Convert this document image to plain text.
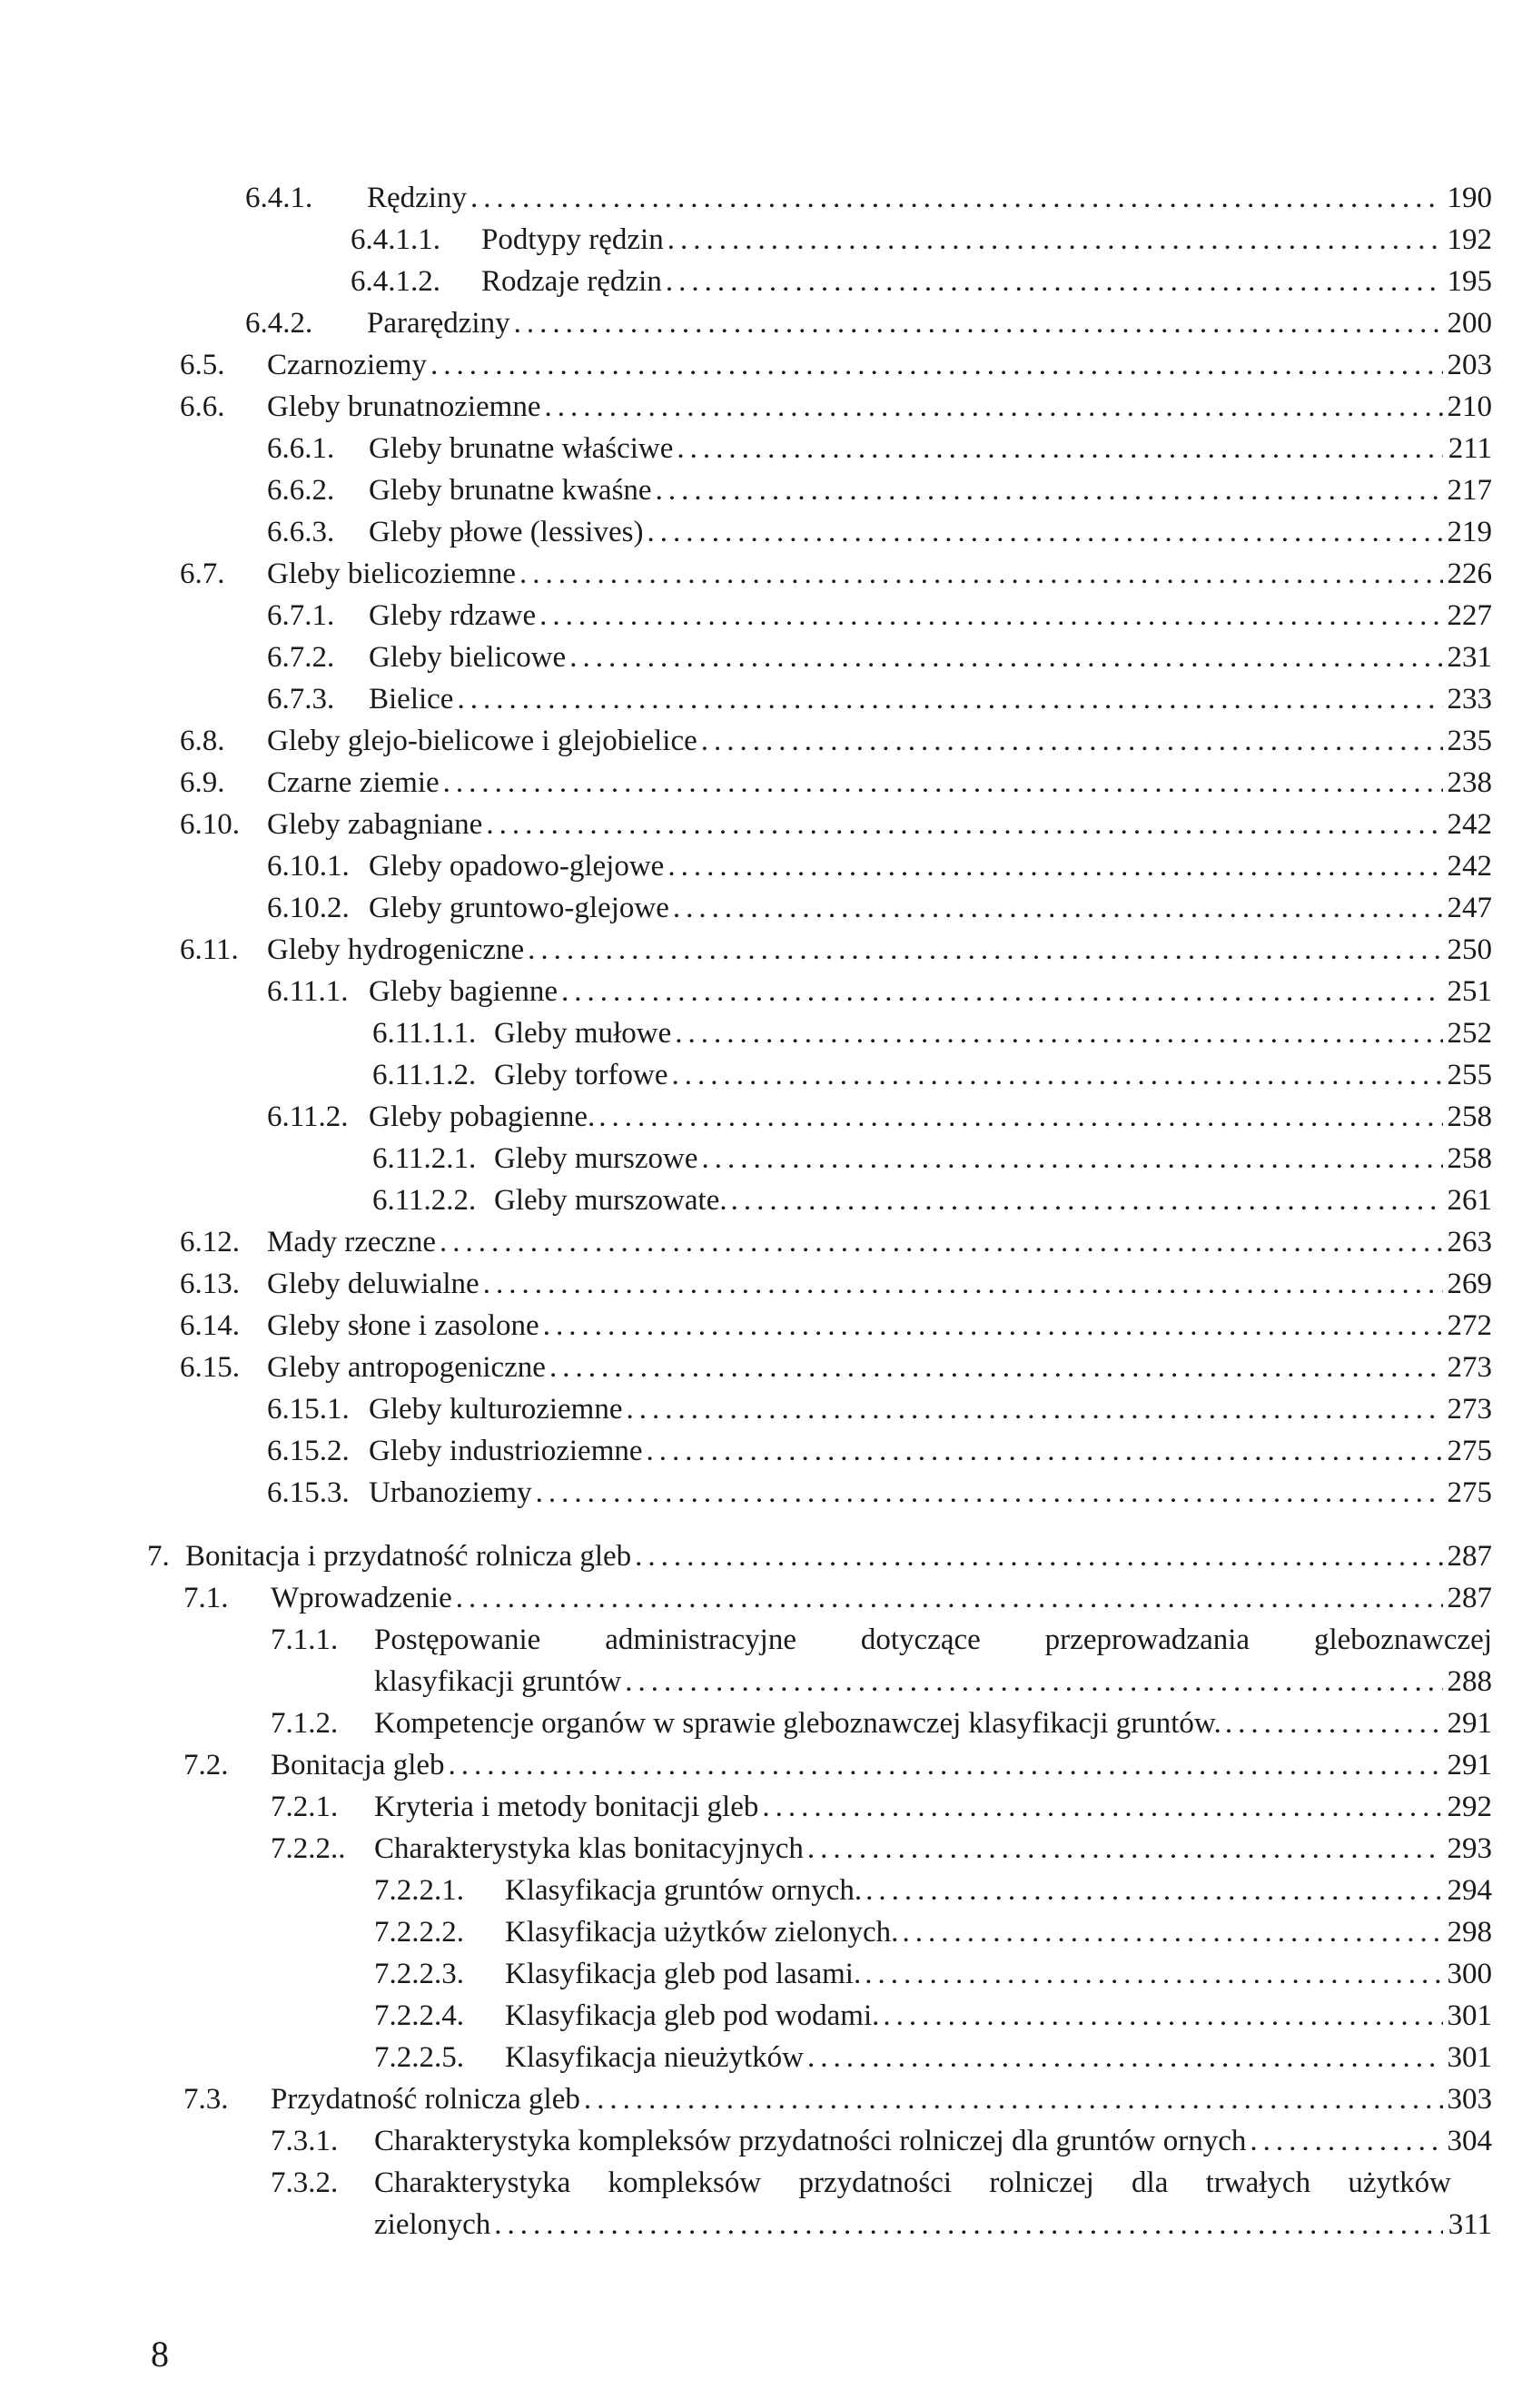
6.4.1.	Rędziny .....	190
6.4.1.1.	Podtypy rędzin .....	192
6.4.1.2.	Rodzaje rędzin .....	195
6.4.2.	Pararędziny .....	200
6.5.	Czarnoziemy .....	203
6.6.	Gleby brunatnoziemne .....	210
6.6.1.	Gleby brunatne właściwe .....	211
6.6.2.	Gleby brunatne kwaśne .....	217
6.6.3.	Gleby płowe (lessives) .....	219
6.7.	Gleby bielicoziemne .....	226
6.7.1.	Gleby rdzawe .....	227
6.7.2.	Gleby bielicowe .....	231
6.7.3.	Bielice .....	233
6.8.	Gleby glejo-bielicowe i glejobielice .....	235
6.9.	Czarne ziemie .....	238
6.10. Gleby zabagniane .....	242
6.10.1. Gleby opadowo-glejowe .....	242
6.10.2. Gleby gruntowo-glejowe .....	247
6.11. Gleby hydrogeniczne .....	250
6.11.1. Gleby bagienne .....	251
6.11.1.1. Gleby mułowe .....	252
6.11.1.2. Gleby torfowe .....	255
6.11.2. Gleby pobagienne. .....	258
6.11.2.1. Gleby murszowe .....	258
6.11.2.2. Gleby murszowate. .....	261
6.12. Mady rzeczne .....	263
6.13. Gleby deluwialne .....	269
6.14. Gleby słone i zasolone .....	272
6.15. Gleby antropogeniczne .....	273
6.15.1. Gleby kulturoziemne .....	273
6.15.2. Gleby industrioziemne .....	275
6.15.3. Urbanoziemy .....	275
7. Bonitacja i przydatność rolnicza gleb .....	287
7.1.	Wprowadzenie .....	287
7.1.1.	Postępowanie administracyjne dotyczące przeprowadzania gleboznawczej
klasyfikacji gruntów .....	288
7.1.2.	Kompetencje organów w sprawie gleboznawczej klasyfikacji gruntów. .....	291
7.2.	Bonitacja gleb .....	291
7.2.1.	Kryteria i metody bonitacji gleb .....	292
7.2.2.. Charakterystyka klas bonitacyjnych .....	293
7.2.2.1.	Klasyfikacja gruntów ornych. .....	294
7.2.2.2.	Klasyfikacja użytków zielonych. .....	298
7.2.2.3.	Klasyfikacja gleb pod lasami. .....	300
7.2.2.4.	Klasyfikacja gleb pod wodami. .....	301
7.2.2.5.	Klasyfikacja nieużytków .....	301
7.3.	Przydatność rolnicza gleb .....	303
7.3.1.	Charakterystyka kompleksów przydatności rolniczej dla gruntów ornych .....	304
7.3.2.	Charakterystyka kompleksów przydatności rolniczej dla trwałych użytków
zielonych .....	311
8
